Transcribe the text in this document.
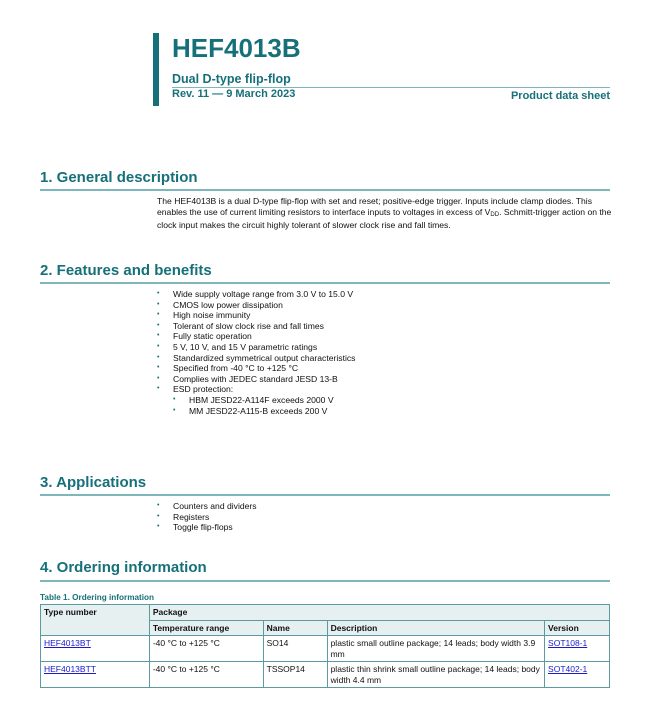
HEF4013B
Dual D-type flip-flop
Rev. 11 — 9 March 2023	Product data sheet
1. General description
The HEF4013B is a dual D-type flip-flop with set and reset; positive-edge trigger. Inputs include clamp diodes. This enables the use of current limiting resistors to interface inputs to voltages in excess of $V_{DD}$. Schmitt-trigger action on the clock input makes the circuit highly tolerant of slower clock rise and fall times.
2. Features and benefits
• Wide supply voltage range from 3.0 V to 15.0 V
• CMOS low power dissipation
• High noise immunity
• Tolerant of slow clock rise and fall times
• Fully static operation
• 5 V, 10 V, and 15 V parametric ratings
• Standardized symmetrical output characteristics
• Specified from -40 °C to +125 °C
• Complies with JEDEC standard JESD 13-B
• ESD protection:
• HBM JESD22-A114F exceeds 2000 V
• MM JESD22-A115-B exceeds 200 V
3. Applications
• Counters and dividers
• Registers
• Toggle flip-flops
4. Ordering information
Table 1. Ordering information
Type number	Package			
	Temperature range	Name	Description	Version
HEF4013BT	-40 °C to +125 °C	SO14	plastic small outline package; 14 leads; body width 3.9 mm	SOT108-1
HEF4013BTT	-40 °C to +125 °C	TSSOP14	plastic thin shrink small outline package; 14 leads; body width 4.4 mm	SOT402-1
